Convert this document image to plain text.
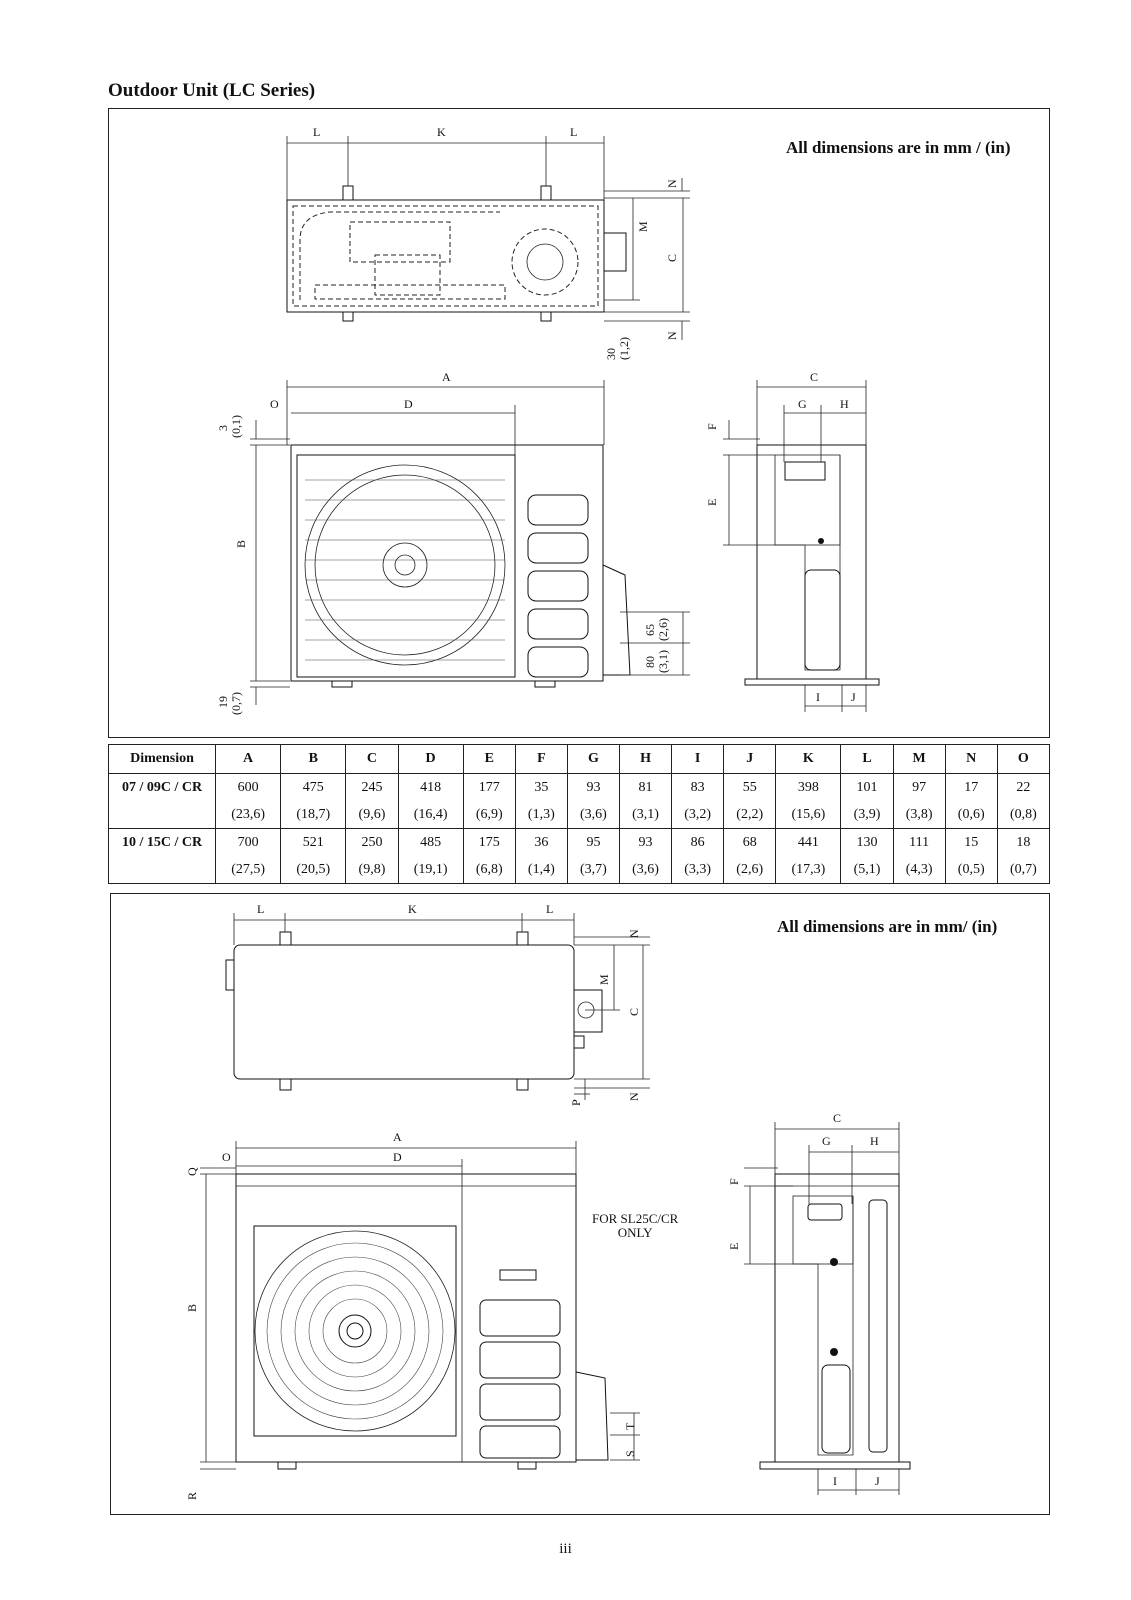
Outdoor Unit (LC Series)
All dimensions are in mm / (in)
L	K	L
N
M
C
N
30 (1,2)
A
O	D
3 (0,1)
B
19 (0,7)
65 (2,6)
80 (3,1)
C
G	H
F
E
I	J
L	K	L
N
M
C
N
P
A
O	D
Q
B
R
T
S
C
G	H
F
E
I	J
Dimension	A	B	C	D	E	F	G	H	I	J	K	L	M	N	O
07 / 09C / CR	600	475	245	418	177	35	93	81	83	55	398	101	97	17	22
	(23,6)	(18,7)	(9,6)	(16,4)	(6,9)	(1,3)	(3,6)	(3,1)	(3,2)	(2,2)	(15,6)	(3,9)	(3,8)	(0,6)	(0,8)
10 / 15C / CR	700	521	250	485	175	36	95	93	86	68	441	130	111	15	18
	(27,5)	(20,5)	(9,8)	(19,1)	(6,8)	(1,4)	(3,7)	(3,6)	(3,3)	(2,6)	(17,3)	(5,1)	(4,3)	(0,5)	(0,7)
All dimensions are in mm/ (in)
FOR SL25C/CR
ONLY
iii
